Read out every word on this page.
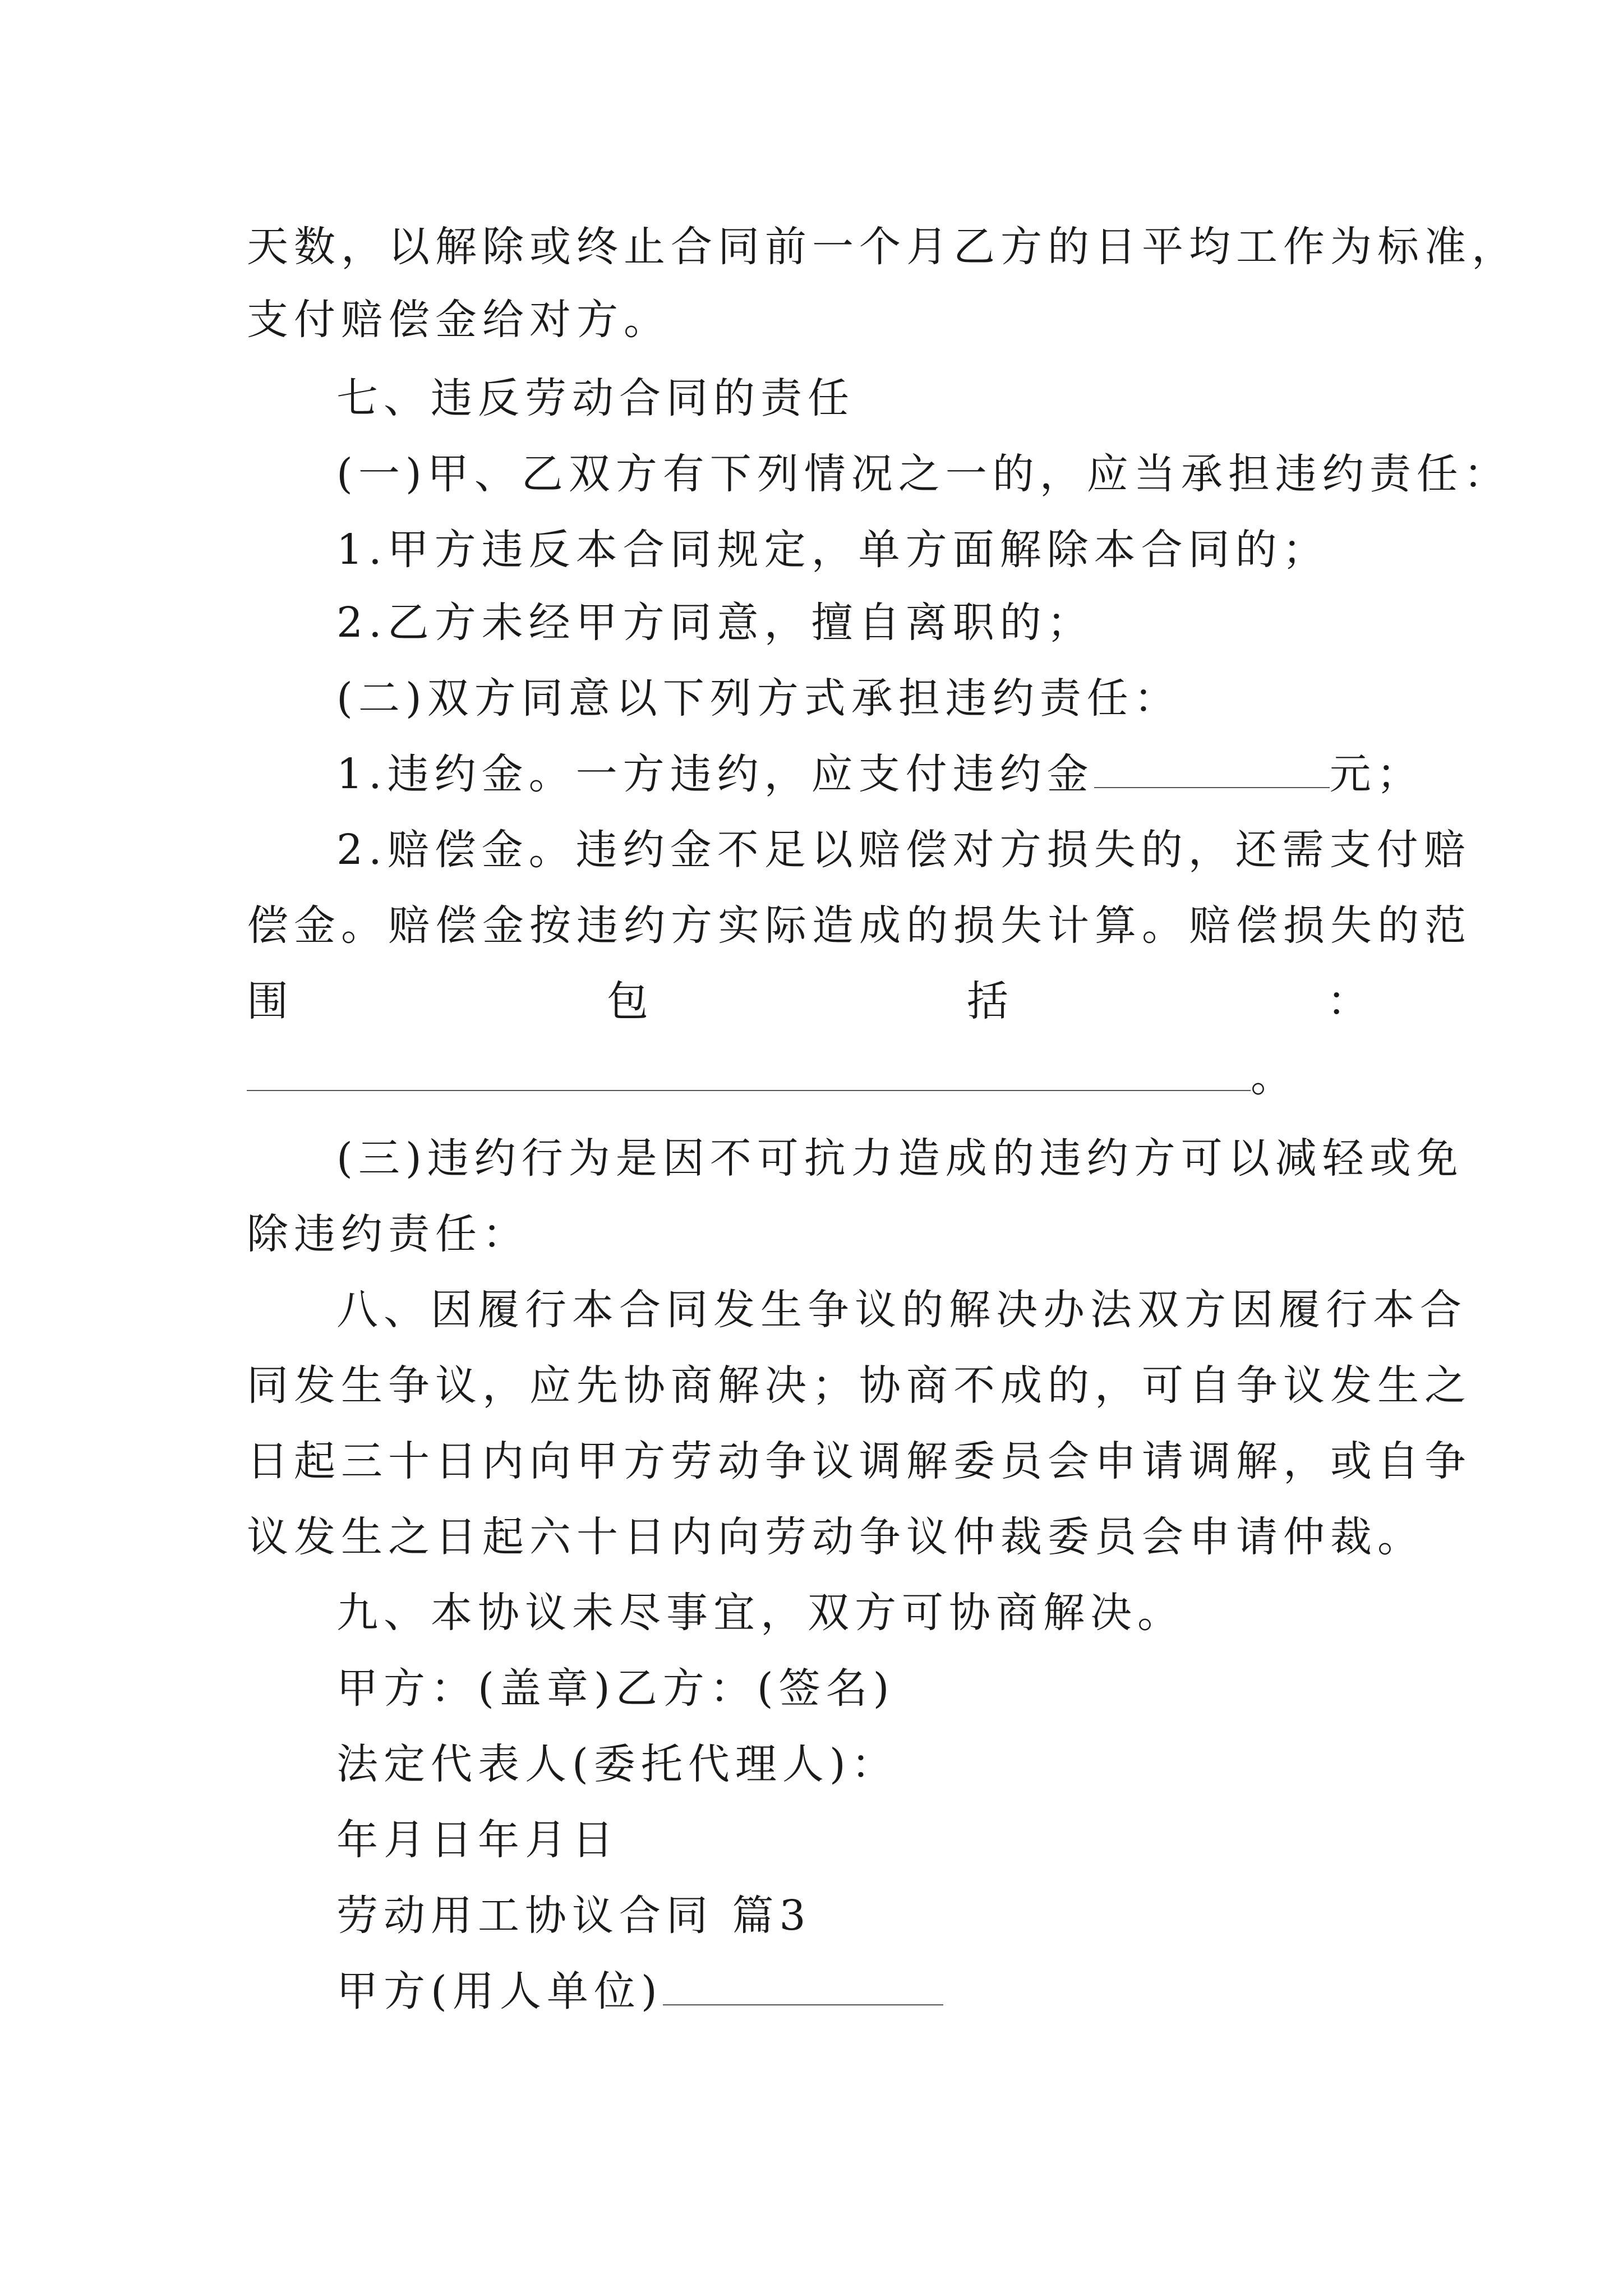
天数，以解除或终止合同前一个月乙方的日平均工作为标准，
支付赔偿金给对方。
七、违反劳动合同的责任
(一)甲、乙双方有下列情况之一的，应当承担违约责任：
1.甲方违反本合同规定，单方面解除本合同的；
2.乙方未经甲方同意，擅自离职的；
(二)双方同意以下列方式承担违约责任：
1.违约金。一方违约，应支付违约金	元；
2.赔偿金。违约金不足以赔偿对方损失的，还需支付赔
偿金。赔偿金按违约方实际造成的损失计算。赔偿损失的范
围	包	括	：
。
(三)违约行为是因不可抗力造成的违约方可以减轻或免
除违约责任：
八、因履行本合同发生争议的解决办法双方因履行本合
同发生争议，应先协商解决；协商不成的，可自争议发生之
日起三十日内向甲方劳动争议调解委员会申请调解，或自争
议发生之日起六十日内向劳动争议仲裁委员会申请仲裁。
九、本协议未尽事宜，双方可协商解决。
甲方：(盖章)乙方：(签名)
法定代表人(委托代理人)：
年月日年月日
劳动用工协议合同 篇3
甲方(用人单位)
